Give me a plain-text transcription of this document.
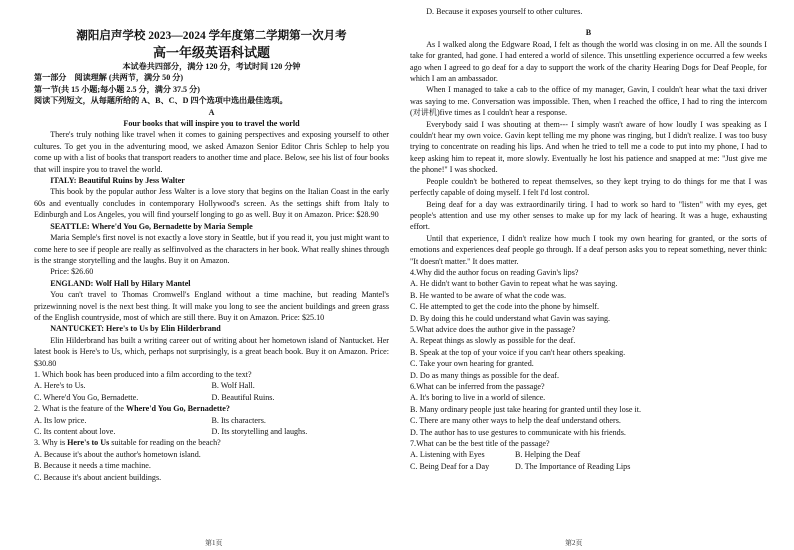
潮阳启声学校 2023—2024 学年度第二学期第一次月考

高一年级英语科试题

本试卷共四部分，满分 120 分，考试时间 120 分钟

第一部分　阅读理解 (共两节，满分 50 分)

第一节(共 15 小题;每小题 2.5 分，满分 37.5 分)

阅读下列短文，从每题所给的 A、B、C、D 四个选项中选出最佳选项。

A

Four books that will inspire you to travel the world

There's truly nothing like travel when it comes to gaining perspectives and exposing yourself to other cultures. To get you in the adventuring mood, we asked Amazon Senior Editor Chris Schlep to help you come up with a list of books that transport readers to another time and place. Below, see his list of four books that will inspire you to travel the world.

ITALY: Beautiful Ruins by Jess Walter

This book by the popular author Jess Walter is a love story that begins on the Italian Coast in the early 60s and eventually concludes in contemporary Hollywood's screen. As the settings shift from Italy to Edinburgh and Los Angeles, you will find yourself longing to go as well. Buy it on Amazon. Price: $28.90

SEATTLE: Where'd You Go, Bernadette by Maria Semple

Maria Semple's first novel is not exactly a love story in Seattle, but if you read it, you just might want to come here to see if people are really as selfinvolved as the characters in her book. What really shines through is the strange storytelling and the laughs. Buy it on Amazon.

Price: $26.60

ENGLAND: Wolf Hall by Hilary Mantel

You can't travel to Thomas Cromwell's England without a time machine, but reading Mantel's prizewinning novel is the next best thing. It will make you long to see the ancient buildings and green grass of the English countryside, most of which are still there. Buy it on Amazon. Price: $25.10

NANTUCKET: Here's to Us by Elin Hilderbrand

Elin Hilderbrand has built a writing career out of writing about her hometown island of Nantucket. Her latest book is Here's to Us, which, perhaps not surprisingly, is a great beach book. Buy it on Amazon. Price: $30.80

1. Which book has been produced into a film according to the text?

A. Here's to Us.	B. Wolf Hall.
C. Where'd You Go, Bernadette.	D. Beautiful Ruins.

2. What is the feature of the Where'd You Go, Bernadette?

A. Its low price.	B. Its characters.
C. Its content about love.	D. Its storytelling and laughs.

3. Why is Here's to Us suitable for reading on the beach?

A. Because it's about the author's hometown island.

B. Because it needs a time machine.

C. Because it's about ancient buildings.

第1页

D. Because it exposes yourself to other cultures.

B

As I walked along the Edgware Road, I felt as though the world was closing in on me. All the sounds I take for granted, had gone. I had entered a world of silence. This unsettling experience occurred a few weeks ago when I agreed to go deaf for a day to support the work of the charity Hearing Dogs for Deaf People, for which I am an ambassador.

When I managed to take a cab to the office of my manager, Gavin, I couldn't hear what the taxi driver was saying to me. Conversation was impossible. Then, when I reached the office, I had to ring the intercom (对讲机)five times as I couldn't hear a response.

Everybody said I was shouting at them--- I simply wasn't aware of how loudly I was speaking as I couldn't hear my own voice. Gavin kept telling me my phone was ringing, but I didn't realize. I was too busy trying to concentrate on reading his lips. And when he tried to tell me a code to put into my phone, I had to keep asking him to repeat it, more slowly. Eventually he lost his patience and snapped at me: "Just give me the phone!" I was shocked.

People couldn't be bothered to repeat themselves, so they kept trying to do things for me that I was perfectly capable of doing myself. I felt I'd lost control.

Being deaf for a day was extraordinarily tiring. I had to work so hard to "listen" with my eyes, get people's attention and use my other senses to make up for my lack of hearing. It was a huge, exhausting effort.

Until that experience, I didn't realize how much I took my own hearing for granted, or the sorts of emotions and experiences deaf people go through. If a deaf person asks you to repeat something, never think: "It doesn't matter." It does matter.

4.Why did the author focus on reading Gavin's lips?

A. He didn't want to bother Gavin to repeat what he was saying.

B. He wanted to be aware of what the code was.

C. He attempted to get the code into the phone by himself.

D. By doing this he could understand what Gavin was saying.

5.What advice does the author give in the passage?

A. Repeat things as slowly as possible for the deaf.

B. Speak at the top of your voice if you can't hear others speaking.

C. Take your own hearing for granted.

D. Do as many things as possible for the deaf.

6.What can be inferred from the passage?

A. It's boring to live in a world of silence.

B. Many ordinary people just take hearing for granted until they lose it.

C. There are many other ways to help the deaf understand others.

D. The author has to use gestures to communicate with his friends.

7.What can be the best title of the passage?

A. Listening with Eyes	B. Helping the Deaf
C. Being Deaf for a Day	D. The Importance of Reading Lips
第2页
